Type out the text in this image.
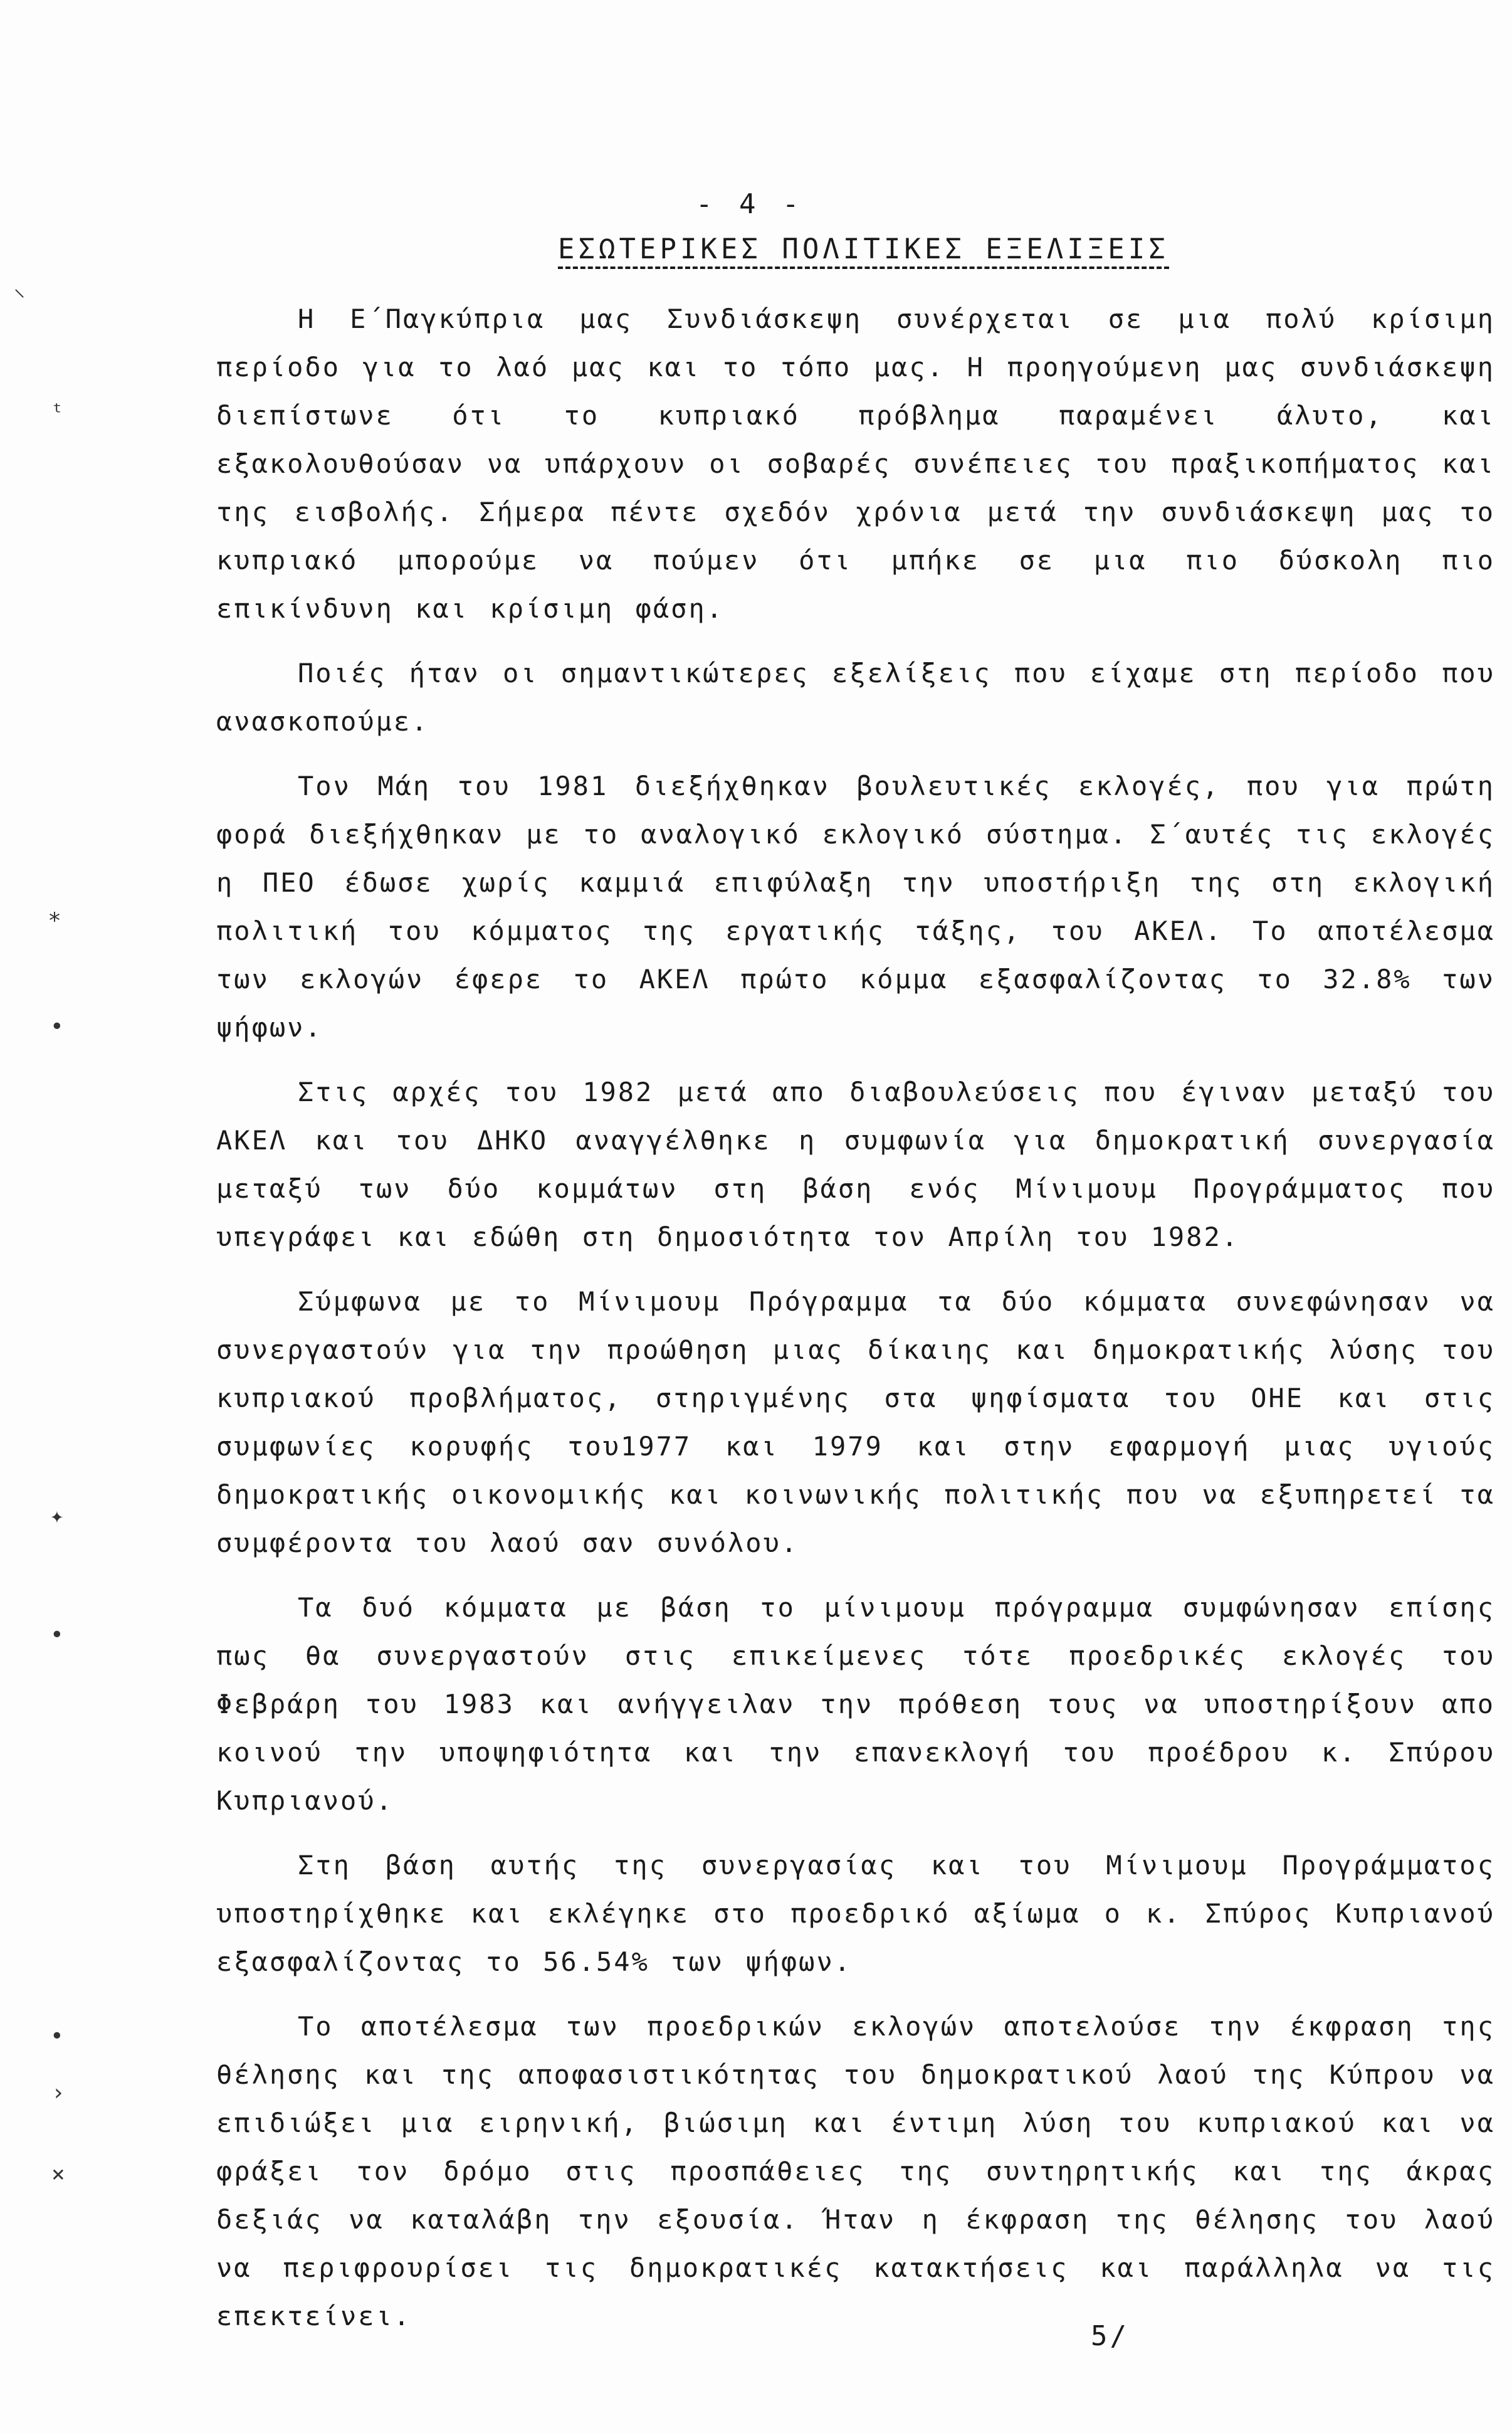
- 4 -
ΕΣΩΤΕΡΙΚΕΣ ΠΟΛΙΤΙΚΕΣ ΕΞΕΛΙΞΕΙΣ

Η Ε΄Παγκύπρια μας Συνδιάσκεψη συνέρχεται σε μια πολύ κρίσιμη περίοδο για το λαό μας και το τόπο μας. Η προηγούμενη μας συνδιάσκεψη διεπίστωνε ότι το κυπριακό πρόβλημα παραμένει άλυτο, και εξακολουθούσαν να υπάρχουν οι σοβαρές συνέπειες του πραξικοπήματος και της εισβολής. Σήμερα πέντε σχεδόν χρόνια μετά την συνδιάσκεψη μας το κυπριακό μπορούμε να πούμεν ότι μπήκε σε μια πιο δύσκολη πιο επικίνδυνη και κρίσιμη φάση.

Ποιές ήταν οι σημαντικώτερες εξελίξεις που είχαμε στη περίοδο που ανασκοπούμε.

Τον Μάη του 1981 διεξήχθηκαν βουλευτικές εκλογές, που για πρώτη φορά διεξήχθηκαν με το αναλογικό εκλογικό σύστημα. Σ΄αυτές τις εκλογές η ΠΕΟ έδωσε χωρίς καμμιά επιφύλαξη την υποστήριξη της στη εκλογική πολιτική του κόμματος της εργατικής τάξης, του ΑΚΕΛ. Το αποτέλεσμα των εκλογών έφερε το ΑΚΕΛ πρώτο κόμμα εξασφαλίζοντας το 32.8% των ψήφων.

Στις αρχές του 1982 μετά απο διαβουλεύσεις που έγιναν μεταξύ του ΑΚΕΛ και του ΔΗΚΟ αναγγέλθηκε η συμφωνία για δημοκρατική συνεργασία μεταξύ των δύο κομμάτων στη βάση ενός Μίνιμουμ Προγράμματος που υπεγράφει και εδώθη στη δημοσιότητα τον Απρίλη του 1982.

Σύμφωνα με το Μίνιμουμ Πρόγραμμα τα δύο κόμματα συνεφώνησαν να συνεργαστούν για την προώθηση μιας δίκαιης και δημοκρατικής λύσης του κυπριακού προβλήματος, στηριγμένης στα ψηφίσματα του ΟΗΕ και στις συμφωνίες κορυφής του1977 και 1979 και στην εφαρμογή μιας υγιούς δημοκρατικής οικονομικής και κοινωνικής πολιτικής που να εξυπηρετεί τα συμφέροντα του λαού σαν συνόλου.

Τα δυό κόμματα με βάση το μίνιμουμ πρόγραμμα συμφώνησαν επίσης πως θα συνεργαστούν στις επικείμενες τότε προεδρικές εκλογές του Φεβράρη του 1983 και ανήγγειλαν την πρόθεση τους να υποστηρίξουν απο κοινού την υποψηφιότητα και την επανεκλογή του προέδρου κ. Σπύρου Κυπριανού.

Στη βάση αυτής της συνεργασίας και του Μίνιμουμ Προγράμματος υποστηρίχθηκε και εκλέγηκε στο προεδρικό αξίωμα ο κ. Σπύρος Κυπριανού εξασφαλίζοντας το 56.54% των ψήφων.

Το αποτέλεσμα των προεδρικών εκλογών αποτελούσε την έκφραση της θέλησης και της αποφασιστικότητας του δημοκρατικού λαού της Κύπρου να επιδιώξει μια ειρηνική, βιώσιμη και έντιμη λύση του κυπριακού και να φράξει τον δρόμο στις προσπάθειες της συντηρητικής και της άκρας δεξιάς να καταλάβη την εξουσία. Ήταν η έκφραση της θέλησης του λαού να περιφρουρίσει τις δημοκρατικές κατακτήσεις και παράλληλα να τις επεκτείνει.

5/
⸌
ᵗ
⁎
•
✦
•
•
›
×
